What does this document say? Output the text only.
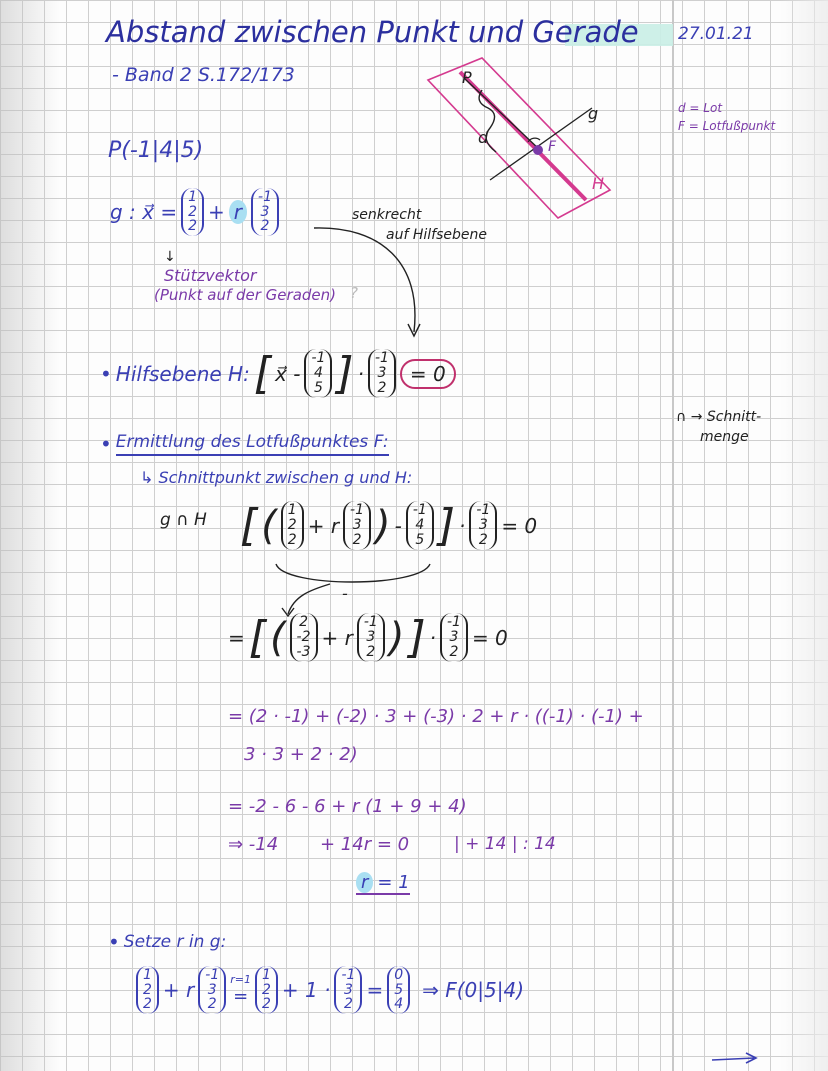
Abstand zwischen Punkt und Gerade 27.01.21
- Band 2 S.172/173	P
d	F
g
H
d = Lot
F = Lotfußpunkt
∩ → Schnitt-
menge
P(-1|4|5)
g : x⃗ =
1
2
2
+ r
-1
3
2
senkrecht
auf Hilfsebene
↓
Stützvektor
(Punkt auf der Geraden) ?
• Hilfsebene H: [ x⃗ -
-1
4
5 ] ·
-1
3
2
= 0
• Ermittlung des Lotfußpunktes F:
↳ Schnittpunkt zwischen g und H:
g ∩ H [ ( 1
2
2
+ r
-1
3
2 ) -
-1
4
5 ] ·
-1
3
2
= 0
-
= [ ( 2
-2
-3
+ r
-1
3
2 ) ] ·
-1
3
2
= 0
= (2 · -1) + (-2) · 3 + (-3) · 2 + r · ((-1) · (-1) +
3 · 3 + 2 · 2)
= -2 - 6 - 6 + r (1 + 9 + 4)
⇒ -14 + 14r = 0	| + 14 | : 14
r = 1
• Setze r in g:
1
2
2
+ r
-1
3
2
r=1
=
1
2
2
+ 1 ·
-1
3
2
=
0
5
4
⇒ F(0|5|4)
